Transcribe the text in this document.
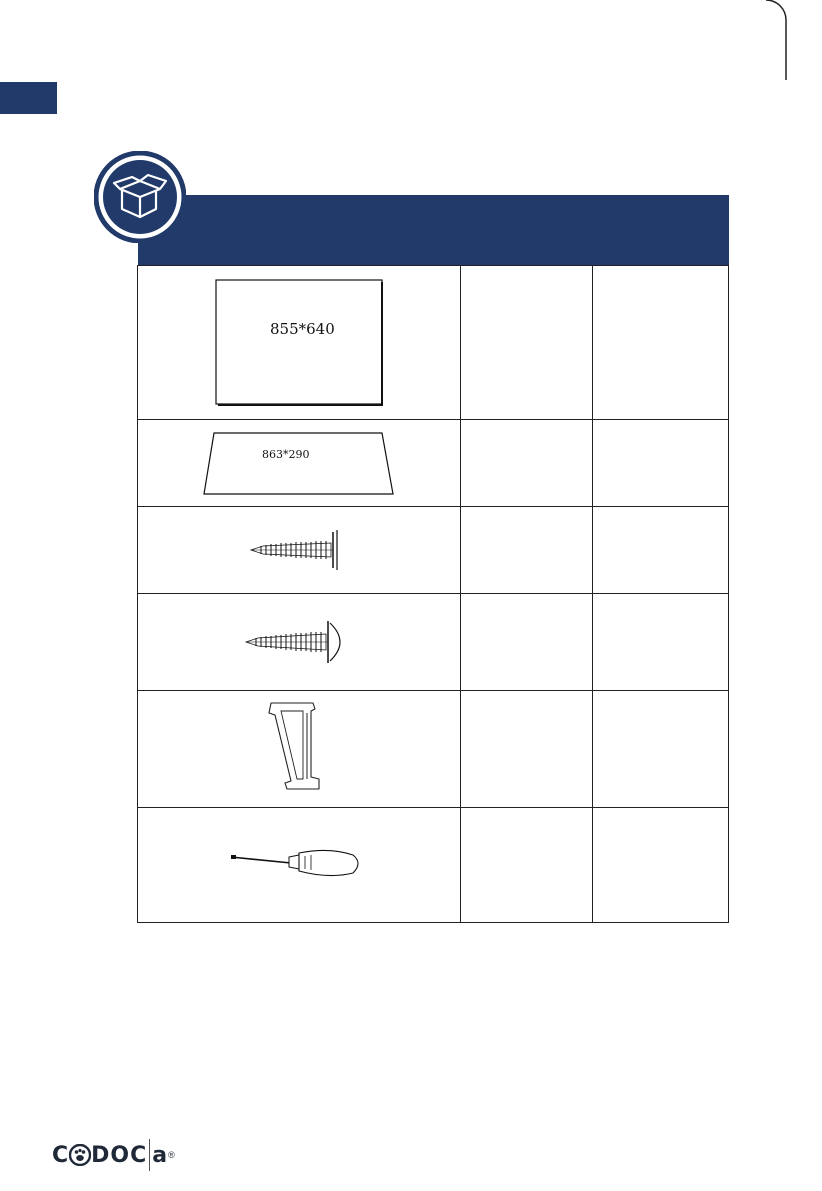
855*640		

863*290		

C DOC a ®
